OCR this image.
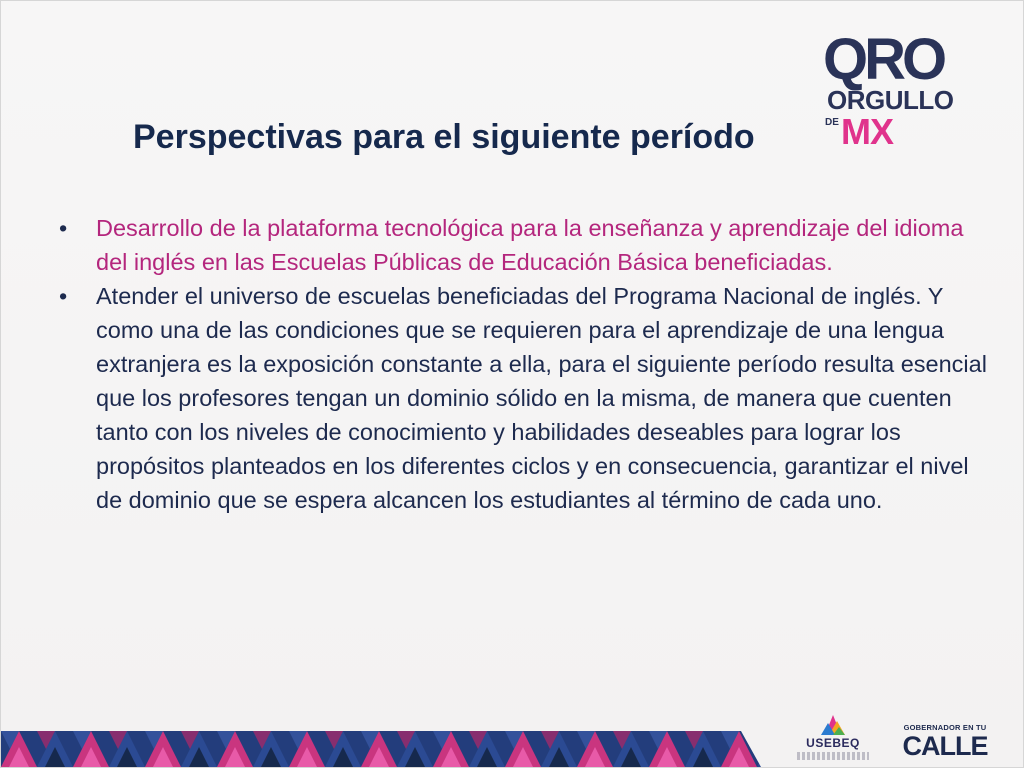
QRO
ORGULLO
DE MX
Perspectivas para el siguiente período
• Desarrollo de la plataforma tecnológica para la enseñanza y aprendizaje del idioma del inglés en las Escuelas Públicas de Educación Básica beneficiadas.
• Atender el universo de escuelas beneficiadas del Programa Nacional de inglés. Y como una de las condiciones que se requieren para el aprendizaje de una lengua extranjera es la exposición constante a ella, para el siguiente período resulta esencial que los profesores tengan un dominio sólido en la misma, de manera que cuenten tanto con los niveles de conocimiento y habilidades deseables para lograr los propósitos planteados en los diferentes ciclos y en consecuencia, garantizar el nivel de dominio que se espera alcancen los estudiantes al término de cada uno.
USEBEQ
GOBERNADOR EN TU
CALLE
